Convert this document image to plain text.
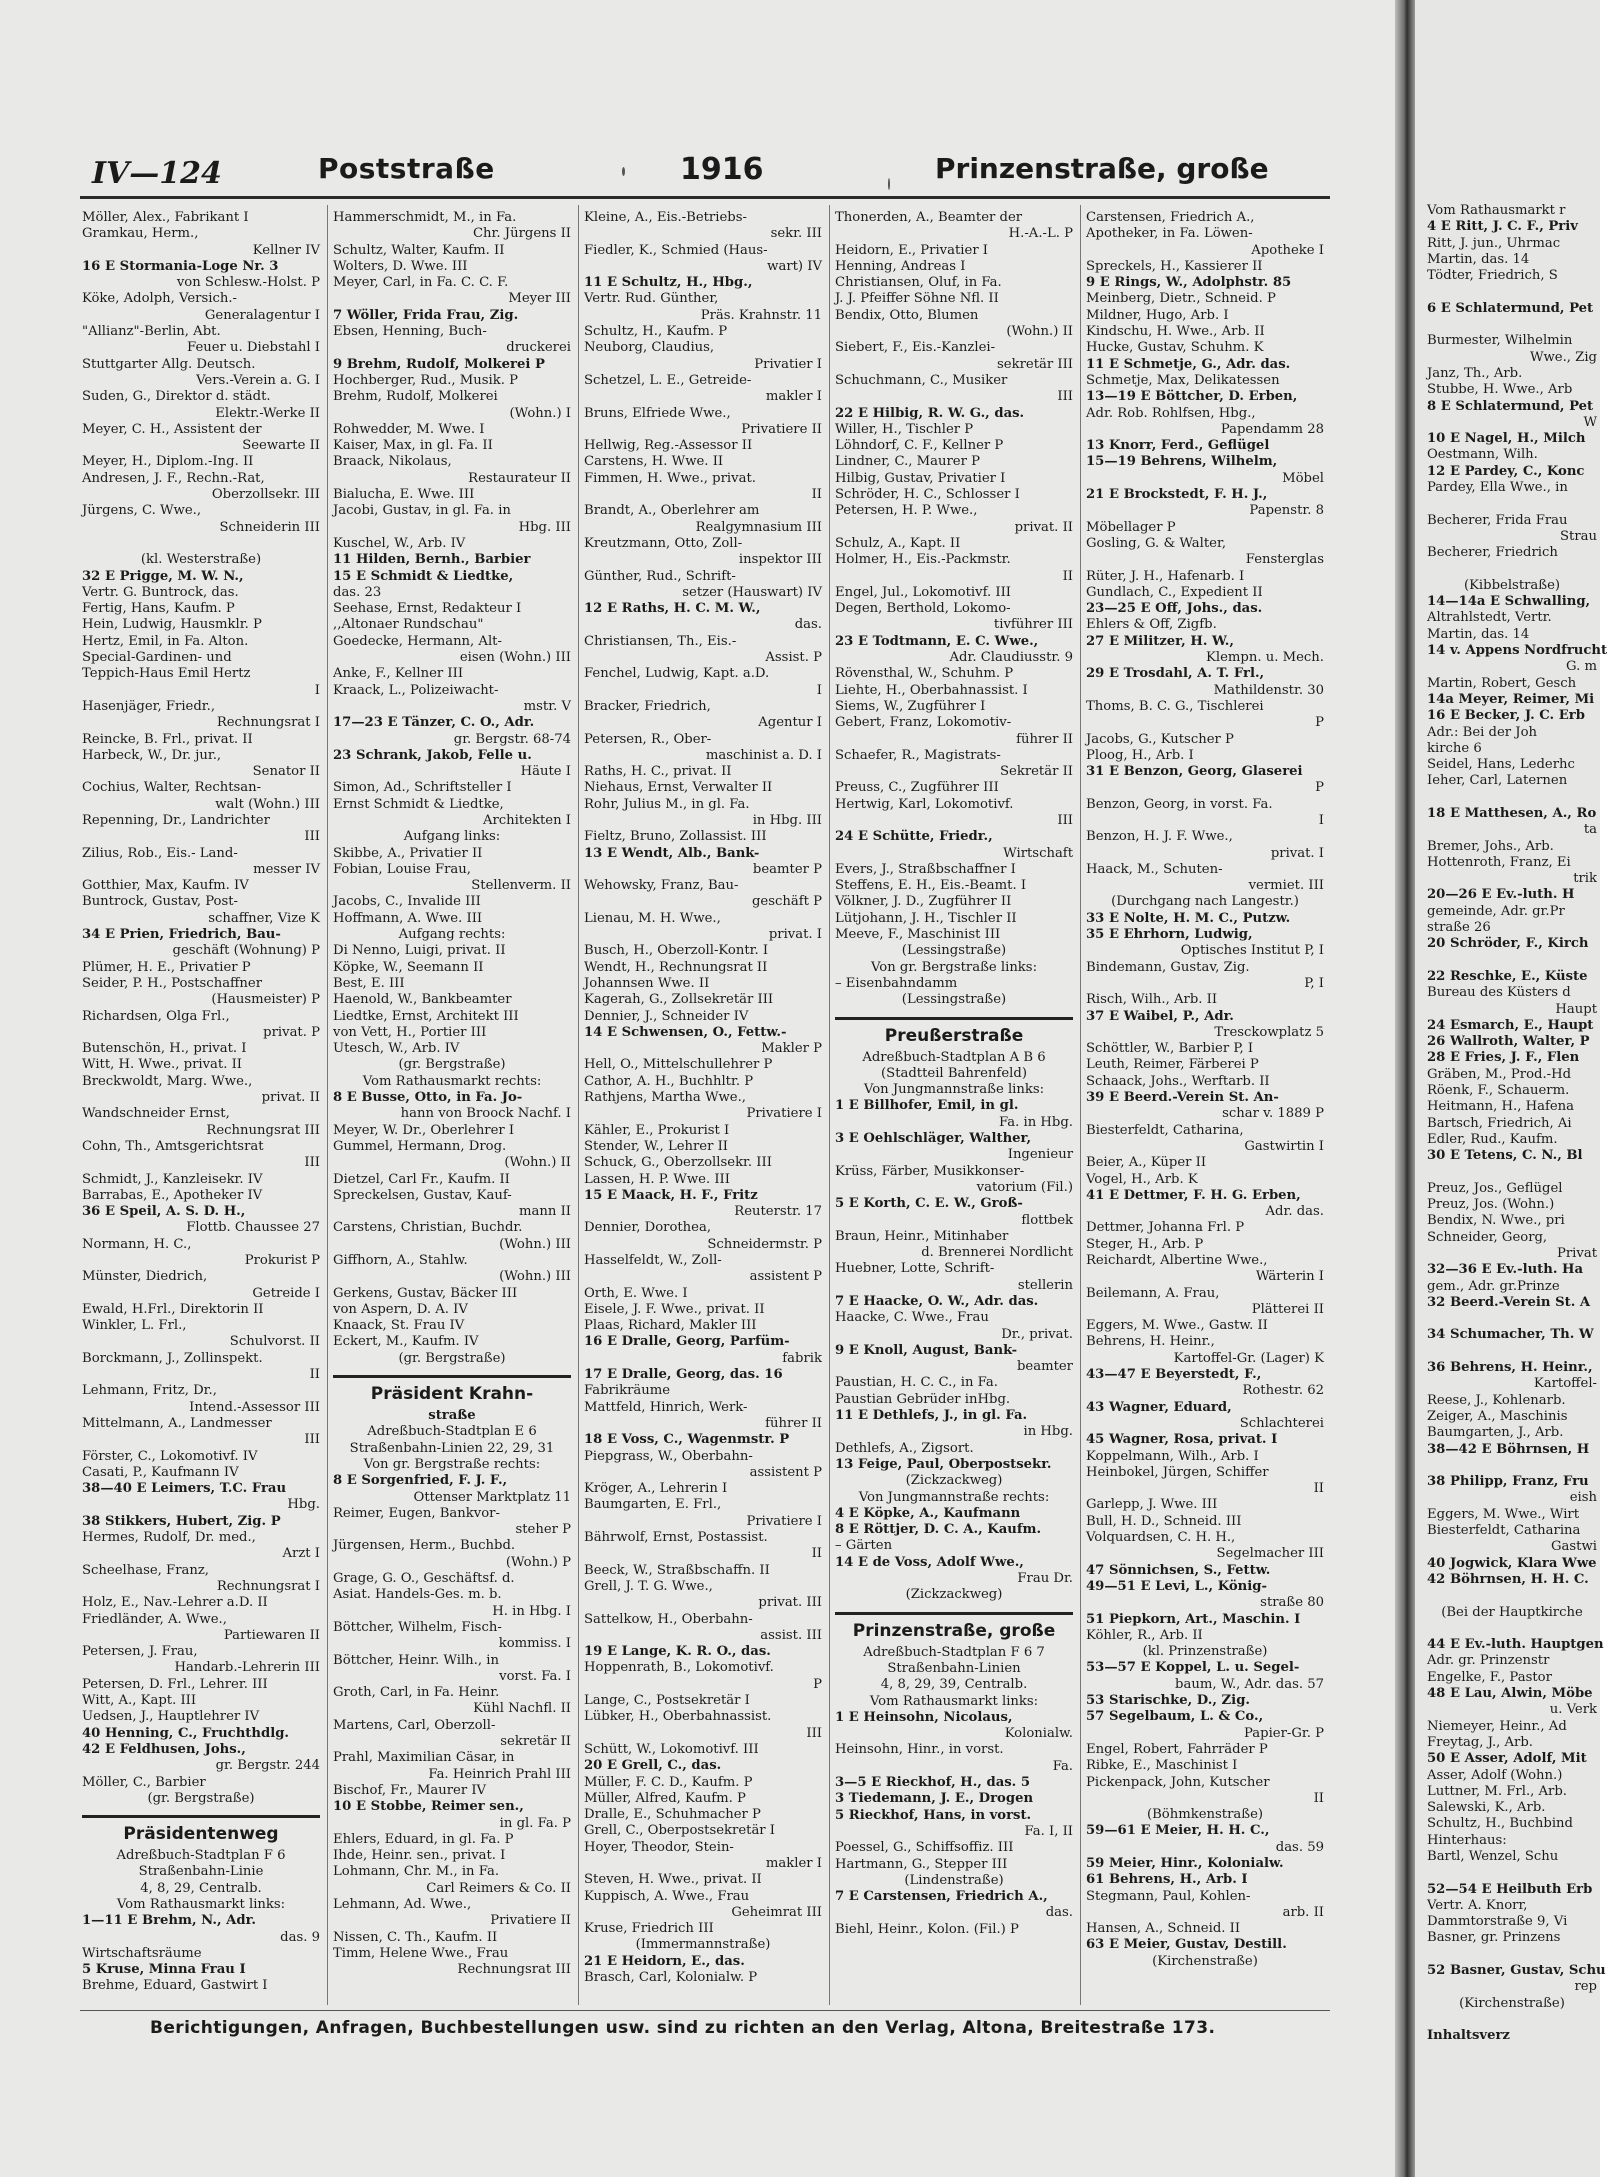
Vom Rathausmarkt r
4 E Ritt, J. C. F., Priv
Ritt, J. jun., Uhrmac
Martin, das. 14
Tödter, Friedrich, S

6 E Schlatermund, Pet

Burmester, Wilhelmin
Wwe., Zig
Janz, Th., Arb.
Stubbe, H. Wwe., Arb
8 E Schlatermund, Pet
W
10 E Nagel, H., Milch
Oestmann, Wilh.
12 E Pardey, C., Konc
Pardey, Ella Wwe., in

Becherer, Frida Frau
Strau
Becherer, Friedrich

(Kibbelstraße)
14—14a E Schwalling,
Altrahlstedt, Vertr.
Martin, das. 14
14 v. Appens Nordfrucht
G. m
Martin, Robert, Gesch
14a Meyer, Reimer, Mi
16 E Becker, J. C. Erb
Adr.: Bei der Joh
kirche 6
Seidel, Hans, Lederhc
Ieher, Carl, Laternen

18 E Matthesen, A., Ro
ta
Bremer, Johs., Arb.
Hottenroth, Franz, Ei
trik
20—26 E Ev.-luth. H
gemeinde, Adr. gr.Pr
straße 26
20 Schröder, F., Kirch

22 Reschke, E., Küste
Bureau des Küsters d
Haupt
24 Esmarch, E., Haupt
26 Wallroth, Walter, P
28 E Fries, J. F., Flen
Gräben, M., Prod.-Hd
Röenk, F., Schauerm.
Heitmann, H., Hafena
Bartsch, Friedrich, Ai
Edler, Rud., Kaufm.
30 E Tetens, C. N., Bl

Preuz, Jos., Geflügel
Preuz, Jos. (Wohn.)
Bendix, N. Wwe., pri
Schneider, Georg,
Privat
32—36 E Ev.-luth. Ha
gem., Adr. gr.Prinze
32 Beerd.-Verein St. A

34 Schumacher, Th. W

36 Behrens, H. Heinr.,
Kartoffel-
Reese, J., Kohlenarb.
Zeiger, A., Maschinis
Baumgarten, J., Arb.
38—42 E Böhrnsen, H

38 Philipp, Franz, Fru
eish
Eggers, M. Wwe., Wirt
Biesterfeldt, Catharina
Gastwi
40 Jogwick, Klara Wwe
42 Böhrnsen, H. H. C.

(Bei der Hauptkirche

44 E Ev.-luth. Hauptgen
Adr. gr. Prinzenstr
Engelke, F., Pastor
48 E Lau, Alwin, Möbe
u. Verk
Niemeyer, Heinr., Ad
Freytag, J., Arb.
50 E Asser, Adolf, Mit
Asser, Adolf (Wohn.)
Luttner, M. Frl., Arb.
Salewski, K., Arb.
Schultz, H., Buchbind
Hinterhaus:
Bartl, Wenzel, Schu

52—54 E Heilbuth Erb
Vertr. A. Knorr,
Dammtorstraße 9, Vi
Basner, gr. Prinzens

52 Basner, Gustav, Schu
rep
(Kirchenstraße)

Inhaltsverz
IV—124	Poststraße	1916	Prinzenstraße, große
Möller, Alex., Fabrikant I
Gramkau, Herm.,
Kellner IV
16 E Stormania-Loge Nr. 3
von Schlesw.-Holst. P
Köke, Adolph, Versich.-
Generalagentur I
"Allianz"-Berlin, Abt.
Feuer u. Diebstahl I
Stuttgarter Allg. Deutsch.
Vers.-Verein a. G. I
Suden, G., Direktor d. städt.
Elektr.-Werke II
Meyer, C. H., Assistent der
Seewarte II
Meyer, H., Diplom.-Ing. II
Andresen, J. F., Rechn.-Rat,
Oberzollsekr. III
Jürgens, C. Wwe.,
Schneiderin III

(kl. Westerstraße)
32 E Prigge, M. W. N.,
Vertr. G. Buntrock, das.
Fertig, Hans, Kaufm. P
Hein, Ludwig, Hausmklr. P
Hertz, Emil, in Fa. Alton.
Special-Gardinen- und
Teppich-Haus Emil Hertz
I
Hasenjäger, Friedr.,
Rechnungsrat I
Reincke, B. Frl., privat. II
Harbeck, W., Dr. jur.,
Senator II
Cochius, Walter, Rechtsan-
walt (Wohn.) III
Repenning, Dr., Landrichter
III
Zilius, Rob., Eis.- Land-
messer IV
Gotthier, Max, Kaufm. IV
Buntrock, Gustav, Post-
schaffner, Vize K
34 E Prien, Friedrich, Bau-
geschäft (Wohnung) P
Plümer, H. E., Privatier P
Seider, P. H., Postschaffner
(Hausmeister) P
Richardsen, Olga Frl.,
privat. P
Butenschön, H., privat. I
Witt, H. Wwe., privat. II
Breckwoldt, Marg. Wwe.,
privat. II
Wandschneider Ernst,
Rechnungsrat III
Cohn, Th., Amtsgerichtsrat
III
Schmidt, J., Kanzleisekr. IV
Barrabas, E., Apotheker IV
36 E Speil, A. S. D. H.,
Flottb. Chaussee 27
Normann, H. C.,
Prokurist P
Münster, Diedrich,
Getreide I
Ewald, H.Frl., Direktorin II
Winkler, L. Frl.,
Schulvorst. II
Borckmann, J., Zollinspekt.
II
Lehmann, Fritz, Dr.,
Intend.-Assessor III
Mittelmann, A., Landmesser
III
Förster, C., Lokomotivf. IV
Casati, P., Kaufmann IV
38—40 E Leimers, T.C. Frau
Hbg.
38 Stikkers, Hubert, Zig. P
Hermes, Rudolf, Dr. med.,
Arzt I
Scheelhase, Franz,
Rechnungsrat I
Holz, E., Nav.-Lehrer a.D. II
Friedländer, A. Wwe.,
Partiewaren II
Petersen, J. Frau,
Handarb.-Lehrerin III
Petersen, D. Frl., Lehrer. III
Witt, A., Kapt. III
Uedsen, J., Hauptlehrer IV
40 Henning, C., Fruchthdlg.
42 E Feldhusen, Johs.,
gr. Bergstr. 244
Möller, C., Barbier
(gr. Bergstraße)
Präsidentenweg
Adreßbuch-Stadtplan F 6
Straßenbahn-Linie
4, 8, 29, Centralb.
Vom Rathausmarkt links:
1—11 E Brehm, N., Adr.
das. 9
Wirtschaftsräume
5 Kruse, Minna Frau I
Brehme, Eduard, Gastwirt I
Hammerschmidt, M., in Fa.
Chr. Jürgens II
Schultz, Walter, Kaufm. II
Wolters, D. Wwe. III
Meyer, Carl, in Fa. C. C. F.
Meyer III
7 Wöller, Frida Frau, Zig.
Ebsen, Henning, Buch-
druckerei
9 Brehm, Rudolf, Molkerei P
Hochberger, Rud., Musik. P
Brehm, Rudolf, Molkerei
(Wohn.) I
Rohwedder, M. Wwe. I
Kaiser, Max, in gl. Fa. II
Braack, Nikolaus,
Restaurateur II
Bialucha, E. Wwe. III
Jacobi, Gustav, in gl. Fa. in
Hbg. III
Kuschel, W., Arb. IV
11 Hilden, Bernh., Barbier
15 E Schmidt & Liedtke,
das. 23
Seehase, Ernst, Redakteur I
,,Altonaer Rundschau"
Goedecke, Hermann, Alt-
eisen (Wohn.) III
Anke, F., Kellner III
Kraack, L., Polizeiwacht-
mstr. V
17—23 E Tänzer, C. O., Adr.
gr. Bergstr. 68-74
23 Schrank, Jakob, Felle u.
Häute I
Simon, Ad., Schriftsteller I
Ernst Schmidt & Liedtke,
Architekten I
Aufgang links:
Skibbe, A., Privatier II
Fobian, Louise Frau,
Stellenverm. II
Jacobs, C., Invalide III
Hoffmann, A. Wwe. III
Aufgang rechts:
Di Nenno, Luigi, privat. II
Köpke, W., Seemann II
Best, E. III
Haenold, W., Bankbeamter
Liedtke, Ernst, Architekt III
von Vett, H., Portier III
Utesch, W., Arb. IV
(gr. Bergstraße)
Vom Rathausmarkt rechts:
8 E Busse, Otto, in Fa. Jo-
hann von Broock Nachf. I
Meyer, W. Dr., Oberlehrer I
Gummel, Hermann, Drog.
(Wohn.) II
Dietzel, Carl Fr., Kaufm. II
Spreckelsen, Gustav, Kauf-
mann II
Carstens, Christian, Buchdr.
(Wohn.) III
Giffhorn, A., Stahlw.
(Wohn.) III
Gerkens, Gustav, Bäcker III
von Aspern, D. A. IV
Knaack, St. Frau IV
Eckert, M., Kaufm. IV
(gr. Bergstraße)
Präsident Krahn-
straße
Adreßbuch-Stadtplan E 6
Straßenbahn-Linien 22, 29, 31
Von gr. Bergstraße rechts:
8 E Sorgenfried, F. J. F.,
Ottenser Marktplatz 11
Reimer, Eugen, Bankvor-
steher P
Jürgensen, Herm., Buchbd.
(Wohn.) P
Grage, G. O., Geschäftsf. d.
Asiat. Handels-Ges. m. b.
H. in Hbg. I
Böttcher, Wilhelm, Fisch-
kommiss. I
Böttcher, Heinr. Wilh., in
vorst. Fa. I
Groth, Carl, in Fa. Heinr.
Kühl Nachfl. II
Martens, Carl, Oberzoll-
sekretär II
Prahl, Maximilian Cäsar, in
Fa. Heinrich Prahl III
Bischof, Fr., Maurer IV
10 E Stobbe, Reimer sen.,
in gl. Fa. P
Ehlers, Eduard, in gl. Fa. P
Ihde, Heinr. sen., privat. I
Lohmann, Chr. M., in Fa.
Carl Reimers & Co. II
Lehmann, Ad. Wwe.,
Privatiere II
Nissen, C. Th., Kaufm. II
Timm, Helene Wwe., Frau
Rechnungsrat III
Kleine, A., Eis.-Betriebs-
sekr. III
Fiedler, K., Schmied (Haus-
wart) IV
11 E Schultz, H., Hbg.,
Vertr. Rud. Günther,
Präs. Krahnstr. 11
Schultz, H., Kaufm. P
Neuborg, Claudius,
Privatier I
Schetzel, L. E., Getreide-
makler I
Bruns, Elfriede Wwe.,
Privatiere II
Hellwig, Reg.-Assessor II
Carstens, H. Wwe. II
Fimmen, H. Wwe., privat.
II
Brandt, A., Oberlehrer am
Realgymnasium III
Kreutzmann, Otto, Zoll-
inspektor III
Günther, Rud., Schrift-
setzer (Hauswart) IV
12 E Raths, H. C. M. W.,
das.
Christiansen, Th., Eis.-
Assist. P
Fenchel, Ludwig, Kapt. a.D.
I
Bracker, Friedrich,
Agentur I
Petersen, R., Ober-
maschinist a. D. I
Raths, H. C., privat. II
Niehaus, Ernst, Verwalter II
Rohr, Julius M., in gl. Fa.
in Hbg. III
Fieltz, Bruno, Zollassist. III
13 E Wendt, Alb., Bank-
beamter P
Wehowsky, Franz, Bau-
geschäft P
Lienau, M. H. Wwe.,
privat. I
Busch, H., Oberzoll-Kontr. I
Wendt, H., Rechnungsrat II
Johannsen Wwe. II
Kagerah, G., Zollsekretär III
Dennier, J., Schneider IV
14 E Schwensen, O., Fettw.-
Makler P
Hell, O., Mittelschullehrer P
Cathor, A. H., Buchhltr. P
Rathjens, Martha Wwe.,
Privatiere I
Kähler, E., Prokurist I
Stender, W., Lehrer II
Schuck, G., Oberzollsekr. III
Lassen, H. P. Wwe. III
15 E Maack, H. F., Fritz
Reuterstr. 17
Dennier, Dorothea,
Schneidermstr. P
Hasselfeldt, W., Zoll-
assistent P
Orth, E. Wwe. I
Eisele, J. F. Wwe., privat. II
Plaas, Richard, Makler III
16 E Dralle, Georg, Parfüm-
fabrik
17 E Dralle, Georg, das. 16
Fabrikräume
Mattfeld, Hinrich, Werk-
führer II
18 E Voss, C., Wagenmstr. P
Piepgrass, W., Oberbahn-
assistent P
Kröger, A., Lehrerin I
Baumgarten, E. Frl.,
Privatiere I
Bährwolf, Ernst, Postassist.
II
Beeck, W., Straßbschaffn. II
Grell, J. T. G. Wwe.,
privat. III
Sattelkow, H., Oberbahn-
assist. III
19 E Lange, K. R. O., das.
Hoppenrath, B., Lokomotivf.
P
Lange, C., Postsekretär I
Lübker, H., Oberbahnassist.
III
Schütt, W., Lokomotivf. III
20 E Grell, C., das.
Müller, F. C. D., Kaufm. P
Müller, Alfred, Kaufm. P
Dralle, E., Schuhmacher P
Grell, C., Oberpostsekretär I
Hoyer, Theodor, Stein-
makler I
Steven, H. Wwe., privat. II
Kuppisch, A. Wwe., Frau
Geheimrat III
Kruse, Friedrich III
(Immermannstraße)
21 E Heidorn, E., das.
Brasch, Carl, Kolonialw. P
Thonerden, A., Beamter der
H.-A.-L. P
Heidorn, E., Privatier I
Henning, Andreas I
Christiansen, Oluf, in Fa.
J. J. Pfeiffer Söhne Nfl. II
Bendix, Otto, Blumen
(Wohn.) II
Siebert, F., Eis.-Kanzlei-
sekretär III
Schuchmann, C., Musiker
III
22 E Hilbig, R. W. G., das.
Willer, H., Tischler P
Löhndorf, C. F., Kellner P
Lindner, C., Maurer P
Hilbig, Gustav, Privatier I
Schröder, H. C., Schlosser I
Petersen, H. P. Wwe.,
privat. II
Schulz, A., Kapt. II
Holmer, H., Eis.-Packmstr.
II
Engel, Jul., Lokomotivf. III
Degen, Berthold, Lokomo-
tivführer III
23 E Todtmann, E. C. Wwe.,
Adr. Claudiusstr. 9
Rövensthal, W., Schuhm. P
Liehte, H., Oberbahnassist. I
Siems, W., Zugführer I
Gebert, Franz, Lokomotiv-
führer II
Schaefer, R., Magistrats-
Sekretär II
Preuss, C., Zugführer III
Hertwig, Karl, Lokomotivf.
III
24 E Schütte, Friedr.,
Wirtschaft
Evers, J., Straßbschaffner I
Steffens, E. H., Eis.-Beamt. I
Völkner, J. D., Zugführer II
Lütjohann, J. H., Tischler II
Meeve, F., Maschinist III
(Lessingstraße)
Von gr. Bergstraße links:
– Eisenbahndamm
(Lessingstraße)
Preußerstraße
Adreßbuch-Stadtplan A B 6
(Stadtteil Bahrenfeld)
Von Jungmannstraße links:
1 E Billhofer, Emil, in gl.
Fa. in Hbg.
3 E Oehlschläger, Walther,
Ingenieur
Krüss, Färber, Musikkonser-
vatorium (Fil.)
5 E Korth, C. E. W., Groß-
flottbek
Braun, Heinr., Mitinhaber
d. Brennerei Nordlicht
Huebner, Lotte, Schrift-
stellerin
7 E Haacke, O. W., Adr. das.
Haacke, C. Wwe., Frau
Dr., privat.
9 E Knoll, August, Bank-
beamter
Paustian, H. C. C., in Fa.
Paustian Gebrüder inHbg.
11 E Dethlefs, J., in gl. Fa.
in Hbg.
Dethlefs, A., Zigsort.
13 Feige, Paul, Oberpostsekr.
(Zickzackweg)
Von Jungmannstraße rechts:
4 E Köpke, A., Kaufmann
8 E Röttjer, D. C. A., Kaufm.
– Gärten
14 E de Voss, Adolf Wwe.,
Frau Dr.
(Zickzackweg)
Prinzenstraße, große
Adreßbuch-Stadtplan F 6 7
Straßenbahn-Linien
4, 8, 29, 39, Centralb.
Vom Rathausmarkt links:
1 E Heinsohn, Nicolaus,
Kolonialw.
Heinsohn, Hinr., in vorst.
Fa.
3—5 E Rieckhof, H., das. 5
3 Tiedemann, J. E., Drogen
5 Rieckhof, Hans, in vorst.
Fa. I, II
Poessel, G., Schiffsoffiz. III
Hartmann, G., Stepper III
(Lindenstraße)
7 E Carstensen, Friedrich A.,
das.
Biehl, Heinr., Kolon. (Fil.) P
Carstensen, Friedrich A.,
Apotheker, in Fa. Löwen-
Apotheke I
Spreckels, H., Kassierer II
9 E Rings, W., Adolphstr. 85
Meinberg, Dietr., Schneid. P
Mildner, Hugo, Arb. I
Kindschu, H. Wwe., Arb. II
Hucke, Gustav, Schuhm. K
11 E Schmetje, G., Adr. das.
Schmetje, Max, Delikatessen
13—19 E Böttcher, D. Erben,
Adr. Rob. Rohlfsen, Hbg.,
Papendamm 28
13 Knorr, Ferd., Geflügel
15—19 Behrens, Wilhelm,
Möbel
21 E Brockstedt, F. H. J.,
Papenstr. 8
Möbellager P
Gosling, G. & Walter,
Fensterglas
Rüter, J. H., Hafenarb. I
Gundlach, C., Expedient II
23—25 E Off, Johs., das.
Ehlers & Off, Zigfb.
27 E Militzer, H. W.,
Klempn. u. Mech.
29 E Trosdahl, A. T. Frl.,
Mathildenstr. 30
Thoms, B. C. G., Tischlerei
P
Jacobs, G., Kutscher P
Ploog, H., Arb. I
31 E Benzon, Georg, Glaserei
P
Benzon, Georg, in vorst. Fa.
I
Benzon, H. J. F. Wwe.,
privat. I
Haack, M., Schuten-
vermiet. III
(Durchgang nach Langestr.)
33 E Nolte, H. M. C., Putzw.
35 E Ehrhorn, Ludwig,
Optisches Institut P, I
Bindemann, Gustav, Zig.
P, I
Risch, Wilh., Arb. II
37 E Waibel, P., Adr.
Tresckowplatz 5
Schöttler, W., Barbier P, I
Leuth, Reimer, Färberei P
Schaack, Johs., Werftarb. II
39 E Beerd.-Verein St. An-
schar v. 1889 P
Biesterfeldt, Catharina,
Gastwirtin I
Beier, A., Küper II
Vogel, H., Arb. K
41 E Dettmer, F. H. G. Erben,
Adr. das.
Dettmer, Johanna Frl. P
Steger, H., Arb. P
Reichardt, Albertine Wwe.,
Wärterin I
Beilemann, A. Frau,
Plätterei II
Eggers, M. Wwe., Gastw. II
Behrens, H. Heinr.,
Kartoffel-Gr. (Lager) K
43—47 E Beyerstedt, F.,
Rothestr. 62
43 Wagner, Eduard,
Schlachterei
45 Wagner, Rosa, privat. I
Koppelmann, Wilh., Arb. I
Heinbokel, Jürgen, Schiffer
II
Garlepp, J. Wwe. III
Bull, H. D., Schneid. III
Volquardsen, C. H. H.,
Segelmacher III
47 Sönnichsen, S., Fettw.
49—51 E Levi, L., König-
straße 80
51 Piepkorn, Art., Maschin. I
Köhler, R., Arb. II
(kl. Prinzenstraße)
53—57 E Koppel, L. u. Segel-
baum, W., Adr. das. 57
53 Starischke, D., Zig.
57 Segelbaum, L. & Co.,
Papier-Gr. P
Engel, Robert, Fahrräder P
Ribke, E., Maschinist I
Pickenpack, John, Kutscher
II
(Böhmkenstraße)
59—61 E Meier, H. H. C.,
das. 59
59 Meier, Hinr., Kolonialw.
61 Behrens, H., Arb. I
Stegmann, Paul, Kohlen-
arb. II
Hansen, A., Schneid. II
63 E Meier, Gustav, Destill.
(Kirchenstraße)
Berichtigungen, Anfragen, Buchbestellungen usw. sind zu richten an den Verlag, Altona, Breitestraße 173.
